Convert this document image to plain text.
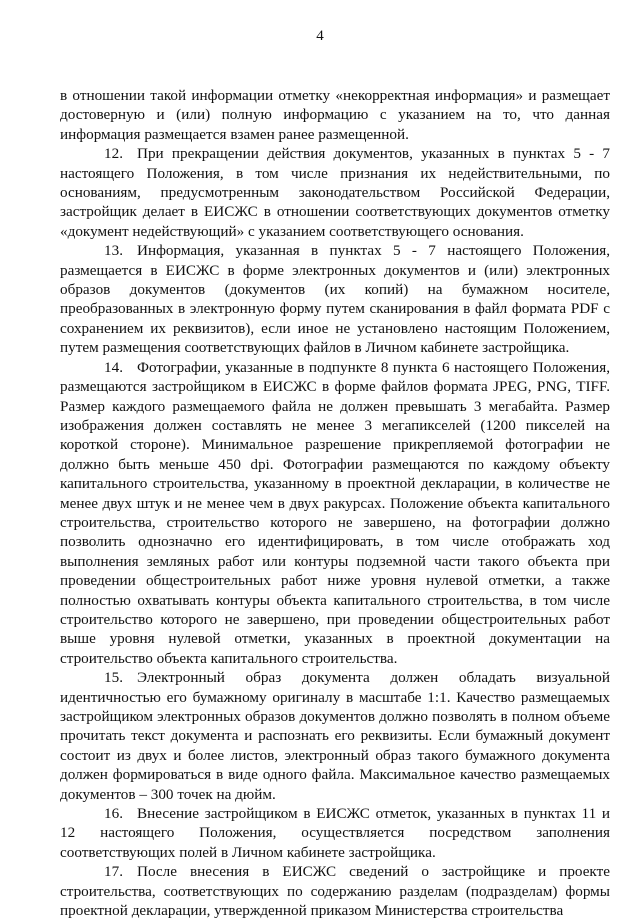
4

в отношении такой информации отметку «некорректная информация» и размещает достоверную и (или) полную информацию с указанием на то, что данная информация размещается взамен ранее размещенной.

12. При прекращении действия документов, указанных в пунктах 5 - 7 настоящего Положения, в том числе признания их недействительными, по основаниям, предусмотренным законодательством Российской Федерации, застройщик делает в ЕИСЖС в отношении соответствующих документов отметку «документ недействующий» с указанием соответствующего основания.

13. Информация, указанная в пунктах 5 - 7 настоящего Положения, размещается в ЕИСЖС в форме электронных документов и (или) электронных образов документов (документов (их копий) на бумажном носителе, преобразованных в электронную форму путем сканирования в файл формата PDF с сохранением их реквизитов), если иное не установлено настоящим Положением, путем размещения соответствующих файлов в Личном кабинете застройщика.

14. Фотографии, указанные в подпункте 8 пункта 6 настоящего Положения, размещаются застройщиком в ЕИСЖС в форме файлов формата JPEG, PNG, TIFF. Размер каждого размещаемого файла не должен превышать 3 мегабайта. Размер изображения должен составлять не менее 3 мегапикселей (1200 пикселей на короткой стороне). Минимальное разрешение прикрепляемой фотографии не должно быть меньше 450 dpi. Фотографии размещаются по каждому объекту капитального строительства, указанному в проектной декларации, в количестве не менее двух штук и не менее чем в двух ракурсах. Положение объекта капитального строительства, строительство которого не завершено, на фотографии должно позволить однозначно его идентифицировать, в том числе отображать ход выполнения земляных работ или контуры подземной части такого объекта при проведении общестроительных работ ниже уровня нулевой отметки, а также полностью охватывать контуры объекта капитального строительства, в том числе строительство которого не завершено, при проведении общестроительных работ выше уровня нулевой отметки, указанных в проектной документации на строительство объекта капитального строительства.

15. Электронный образ документа должен обладать визуальной идентичностью его бумажному оригиналу в масштабе 1:1. Качество размещаемых застройщиком электронных образов документов должно позволять в полном объеме прочитать текст документа и распознать его реквизиты. Если бумажный документ состоит из двух и более листов, электронный образ такого бумажного документа должен формироваться в виде одного файла. Максимальное качество размещаемых документов – 300 точек на дюйм.

16. Внесение застройщиком в ЕИСЖС отметок, указанных в пунктах 11 и 12 настоящего Положения, осуществляется посредством заполнения соответствующих полей в Личном кабинете застройщика.

17. После внесения в ЕИСЖС сведений о застройщике и проекте строительства, соответствующих по содержанию разделам (подразделам) формы проектной декларации, утвержденной приказом Министерства строительства
